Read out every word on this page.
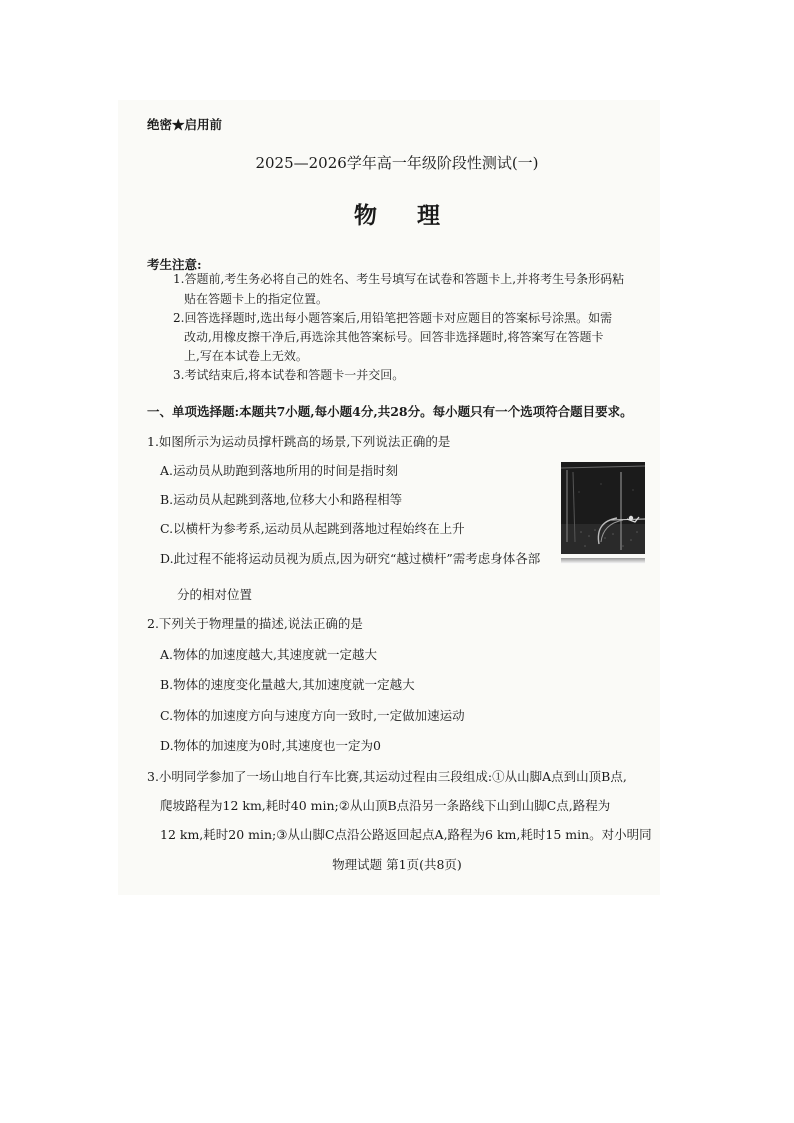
绝密★启用前
2025—2026学年高一年级阶段性测试(一)
物 理
考生注意:
1.答题前,考生务必将自己的姓名、考生号填写在试卷和答题卡上,并将考生号条形码粘
贴在答题卡上的指定位置。
2.回答选择题时,选出每小题答案后,用铅笔把答题卡对应题目的答案标号涂黑。如需
改动,用橡皮擦干净后,再选涂其他答案标号。回答非选择题时,将答案写在答题卡
上,写在本试卷上无效。
3.考试结束后,将本试卷和答题卡一并交回。
一、单项选择题:本题共7小题,每小题4分,共28分。每小题只有一个选项符合题目要求。
1.如图所示为运动员撑杆跳高的场景,下列说法正确的是
A.运动员从助跑到落地所用的时间是指时刻
B.运动员从起跳到落地,位移大小和路程相等
C.以横杆为参考系,运动员从起跳到落地过程始终在上升
D.此过程不能将运动员视为质点,因为研究“越过横杆”需考虑身体各部
分的相对位置
2.下列关于物理量的描述,说法正确的是
A.物体的加速度越大,其速度就一定越大
B.物体的速度变化量越大,其加速度就一定越大
C.物体的加速度方向与速度方向一致时,一定做加速运动
D.物体的加速度为0时,其速度也一定为0
3.小明同学参加了一场山地自行车比赛,其运动过程由三段组成:①从山脚A点到山顶B点,
爬坡路程为12 km,耗时40 min;②从山顶B点沿另一条路线下山到山脚C点,路程为
12 km,耗时20 min;③从山脚C点沿公路返回起点A,路程为6 km,耗时15 min。对小明同
物理试题 第1页(共8页)
